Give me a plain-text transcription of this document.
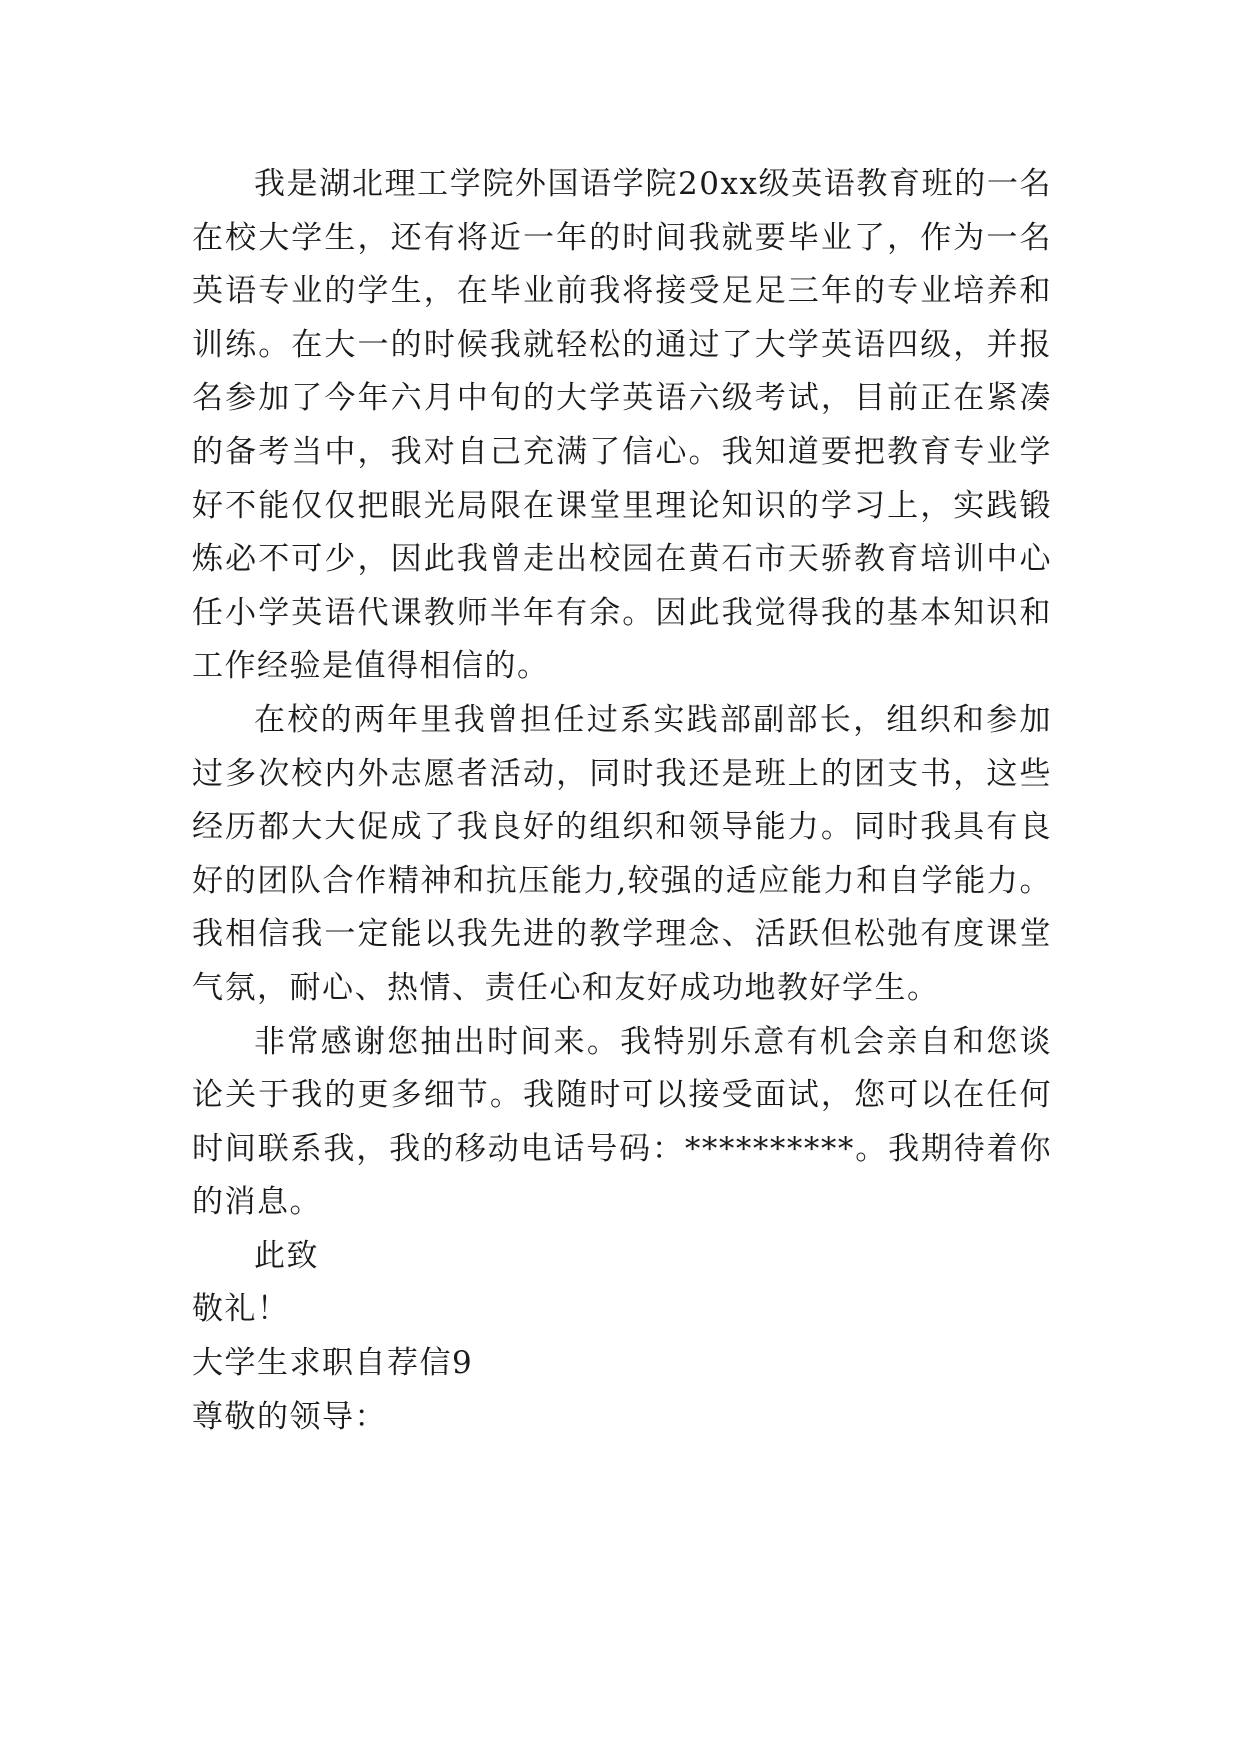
我是湖北理工学院外国语学院20xx级英语教育班的一名在校大学生，还有将近一年的时间我就要毕业了，作为一名英语专业的学生，在毕业前我将接受足足三年的专业培养和训练。在大一的时候我就轻松的通过了大学英语四级，并报名参加了今年六月中旬的大学英语六级考试，目前正在紧凑的备考当中，我对自己充满了信心。我知道要把教育专业学好不能仅仅把眼光局限在课堂里理论知识的学习上，实践锻炼必不可少，因此我曾走出校园在黄石市天骄教育培训中心任小学英语代课教师半年有余。因此我觉得我的基本知识和工作经验是值得相信的。

在校的两年里我曾担任过系实践部副部长，组织和参加过多次校内外志愿者活动，同时我还是班上的团支书，这些经历都大大促成了我良好的组织和领导能力。同时我具有良好的团队合作精神和抗压能力,较强的适应能力和自学能力。我相信我一定能以我先进的教学理念、活跃但松弛有度课堂气氛，耐心、热情、责任心和友好成功地教好学生。

非常感谢您抽出时间来。我特别乐意有机会亲自和您谈论关于我的更多细节。我随时可以接受面试，您可以在任何时间联系我，我的移动电话号码：**********。我期待着你的消息。

此致

敬礼！

大学生求职自荐信9

尊敬的领导：
